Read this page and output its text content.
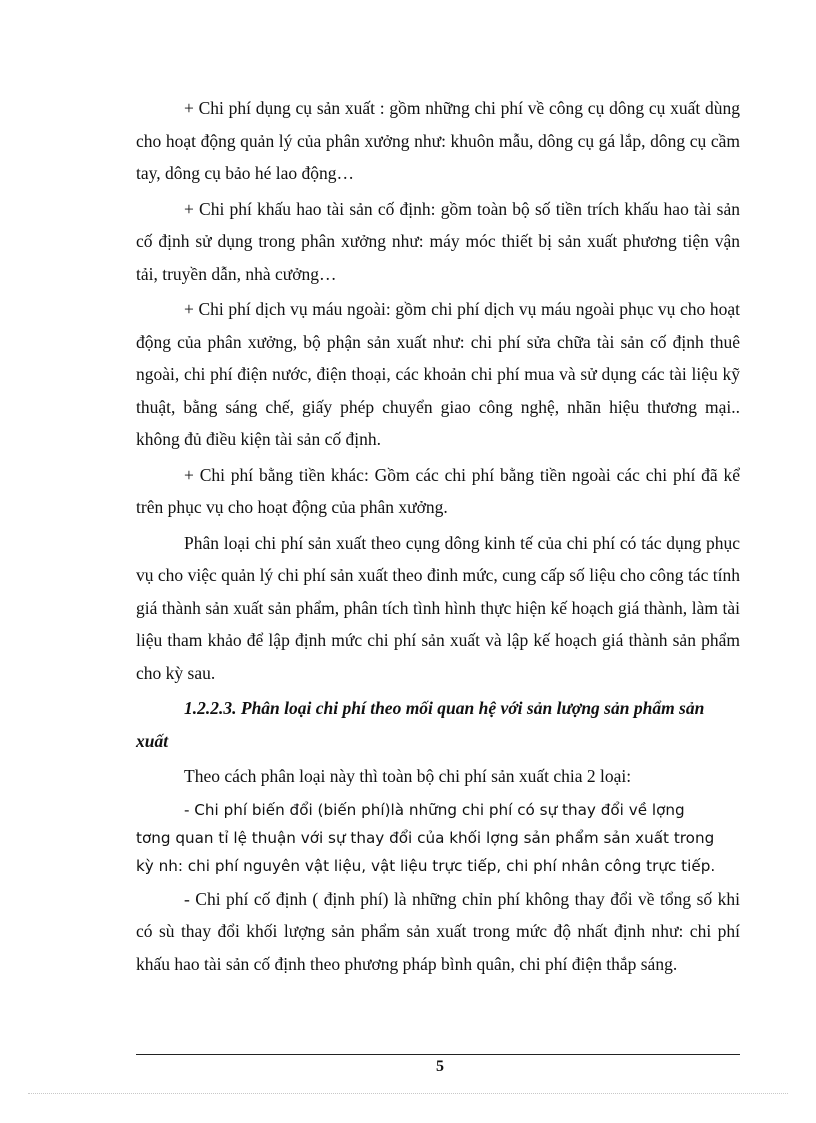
+ Chi phí dụng cụ sản xuất : gồm những chi phí về công cụ dông cụ xuất dùng cho hoạt động quản lý của phân xưởng như: khuôn mẫu, dông cụ gá lắp, dông cụ cầm tay, dông cụ bảo hé lao động…

+ Chi phí khấu hao tài sản cố định: gồm toàn bộ số tiền trích khấu hao tài sản cố định sử dụng trong phân xưởng như: máy móc thiết bị sản xuất phương tiện vận tải, truyền dẫn, nhà cưởng…

+ Chi phí dịch vụ máu ngoài: gồm chi phí dịch vụ máu ngoài phục vụ cho hoạt động của phân xưởng, bộ phận sản xuất như: chi phí sửa chữa tài sản cố định thuê ngoài, chi phí điện nước, điện thoại, các khoản chi phí mua và sử dụng các tài liệu kỹ thuật, bằng sáng chế, giấy phép chuyển giao công nghệ, nhãn hiệu thương mại.. không đủ điều kiện tài sản cố định.

+ Chi phí bằng tiền khác: Gồm các chi phí bằng tiền ngoài các chi phí đã kể trên phục vụ cho hoạt động của phân xưởng.

Phân loại chi phí sản xuất theo cụng dông kinh tế của chi phí có tác dụng phục vụ cho việc quản lý chi phí sản xuất theo đinh mức, cung cấp số liệu cho công tác tính giá thành sản xuất sản phẩm, phân tích tình hình thực hiện kế hoạch giá thành, làm tài liệu tham khảo để lập định mức chi phí sản xuất và lập kế hoạch giá thành sản phẩm cho kỳ sau.

1.2.2.3. Phân loại chi phí theo mối quan hệ với sản lượng sản phẩm sản xuất

Theo cách phân loại này thì toàn bộ chi phí sản xuất chia 2 loại:

- Chi phí biến đổi (biến phí)là những chi phí có sự thay đổi về lợng

tơng quan tỉ lệ thuận với sự thay đổi của khối lợng sản phẩm sản xuất trong

kỳ nh: chi phí nguyên vật liệu, vật liệu trực tiếp, chi phí nhân công trực tiếp.

- Chi phí cố định ( định phí) là những chỉn phí không thay đổi về tổng số khi có sù thay đổi khối lượng sản phẩm sản xuất trong mức độ nhất định như: chi phí khấu hao tài sản cố định theo phương pháp bình quân, chi phí điện thắp sáng.

5
